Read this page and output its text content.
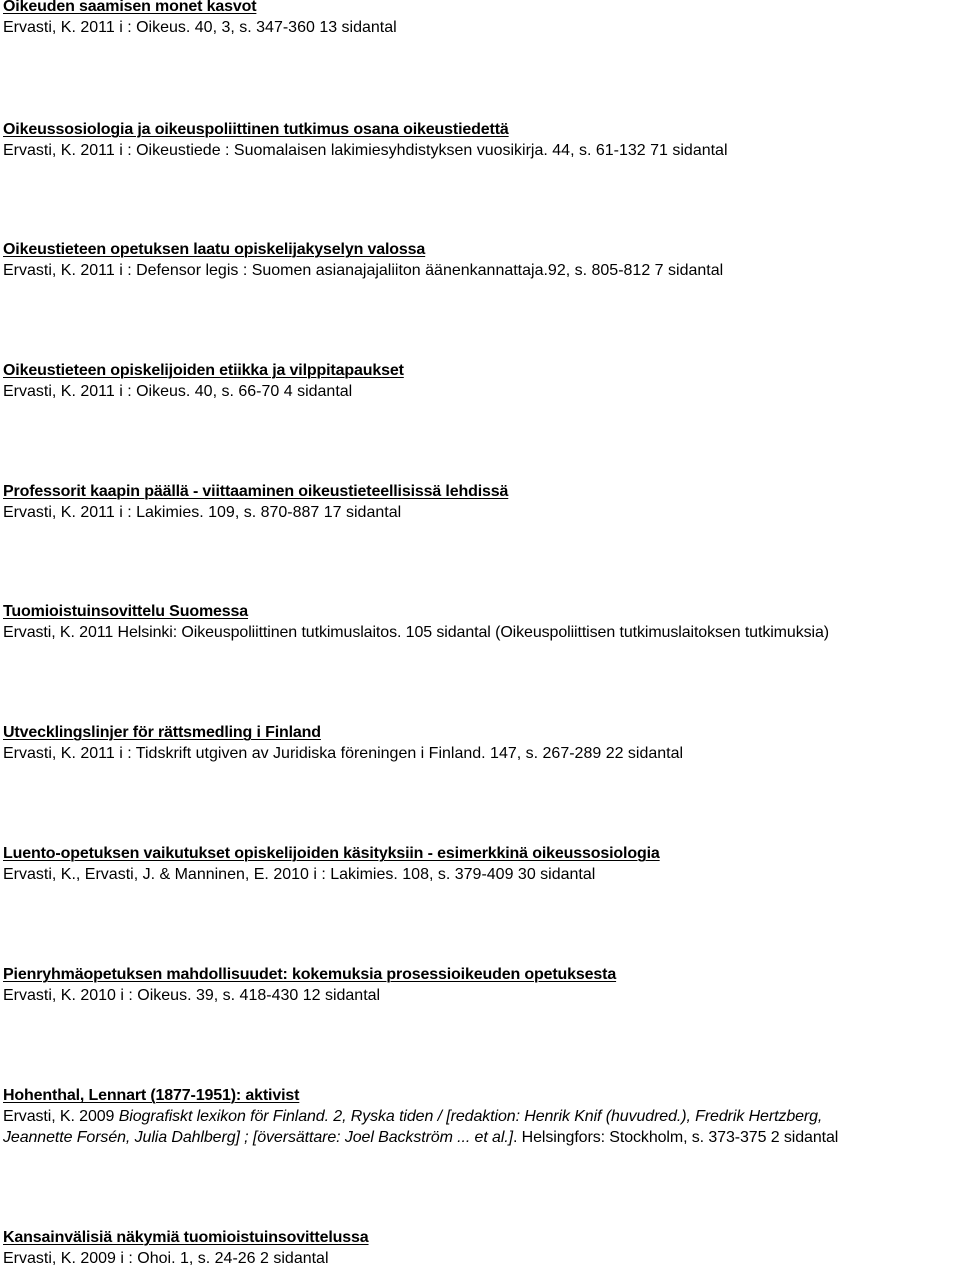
Oikeuden saamisen monet kasvot
Ervasti, K. 2011 i : Oikeus. 40, 3, s. 347-360 13 sidantal
Oikeussosiologia ja oikeuspoliittinen tutkimus osana oikeustiedettä
Ervasti, K. 2011 i : Oikeustiede : Suomalaisen lakimiesyhdistyksen vuosikirja. 44, s. 61-132 71 sidantal
Oikeustieteen opetuksen laatu opiskelijakyselyn valossa
Ervasti, K. 2011 i : Defensor legis : Suomen asianajajaliiton äänenkannattaja.92, s. 805-812 7 sidantal
Oikeustieteen opiskelijoiden etiikka ja vilppitapaukset
Ervasti, K. 2011 i : Oikeus. 40, s. 66-70 4 sidantal
Professorit kaapin päällä - viittaaminen oikeustieteellisissä lehdissä
Ervasti, K. 2011 i : Lakimies. 109, s. 870-887 17 sidantal
Tuomioistuinsovittelu Suomessa
Ervasti, K. 2011 Helsinki: Oikeuspoliittinen tutkimuslaitos. 105 sidantal (Oikeuspoliittisen tutkimuslaitoksen tutkimuksia)
Utvecklingslinjer för rättsmedling i Finland
Ervasti, K. 2011 i : Tidskrift utgiven av Juridiska föreningen i Finland. 147, s. 267-289 22 sidantal
Luento-opetuksen vaikutukset opiskelijoiden käsityksiin - esimerkkinä oikeussosiologia
Ervasti, K., Ervasti, J. & Manninen, E. 2010 i : Lakimies. 108, s. 379-409 30 sidantal
Pienryhmäopetuksen mahdollisuudet: kokemuksia prosessioikeuden opetuksesta
Ervasti, K. 2010 i : Oikeus. 39, s. 418-430 12 sidantal
Hohenthal, Lennart (1877-1951): aktivist
Ervasti, K. 2009 Biografiskt lexikon för Finland. 2, Ryska tiden / [redaktion: Henrik Knif (huvudred.), Fredrik Hertzberg,
Jeannette Forsén, Julia Dahlberg] ; [översättare: Joel Backström ... et al.]. Helsingfors: Stockholm, s. 373-375 2 sidantal
Kansainvälisiä näkymiä tuomioistuinsovittelussa
Ervasti, K. 2009 i : Ohoi. 1, s. 24-26 2 sidantal
